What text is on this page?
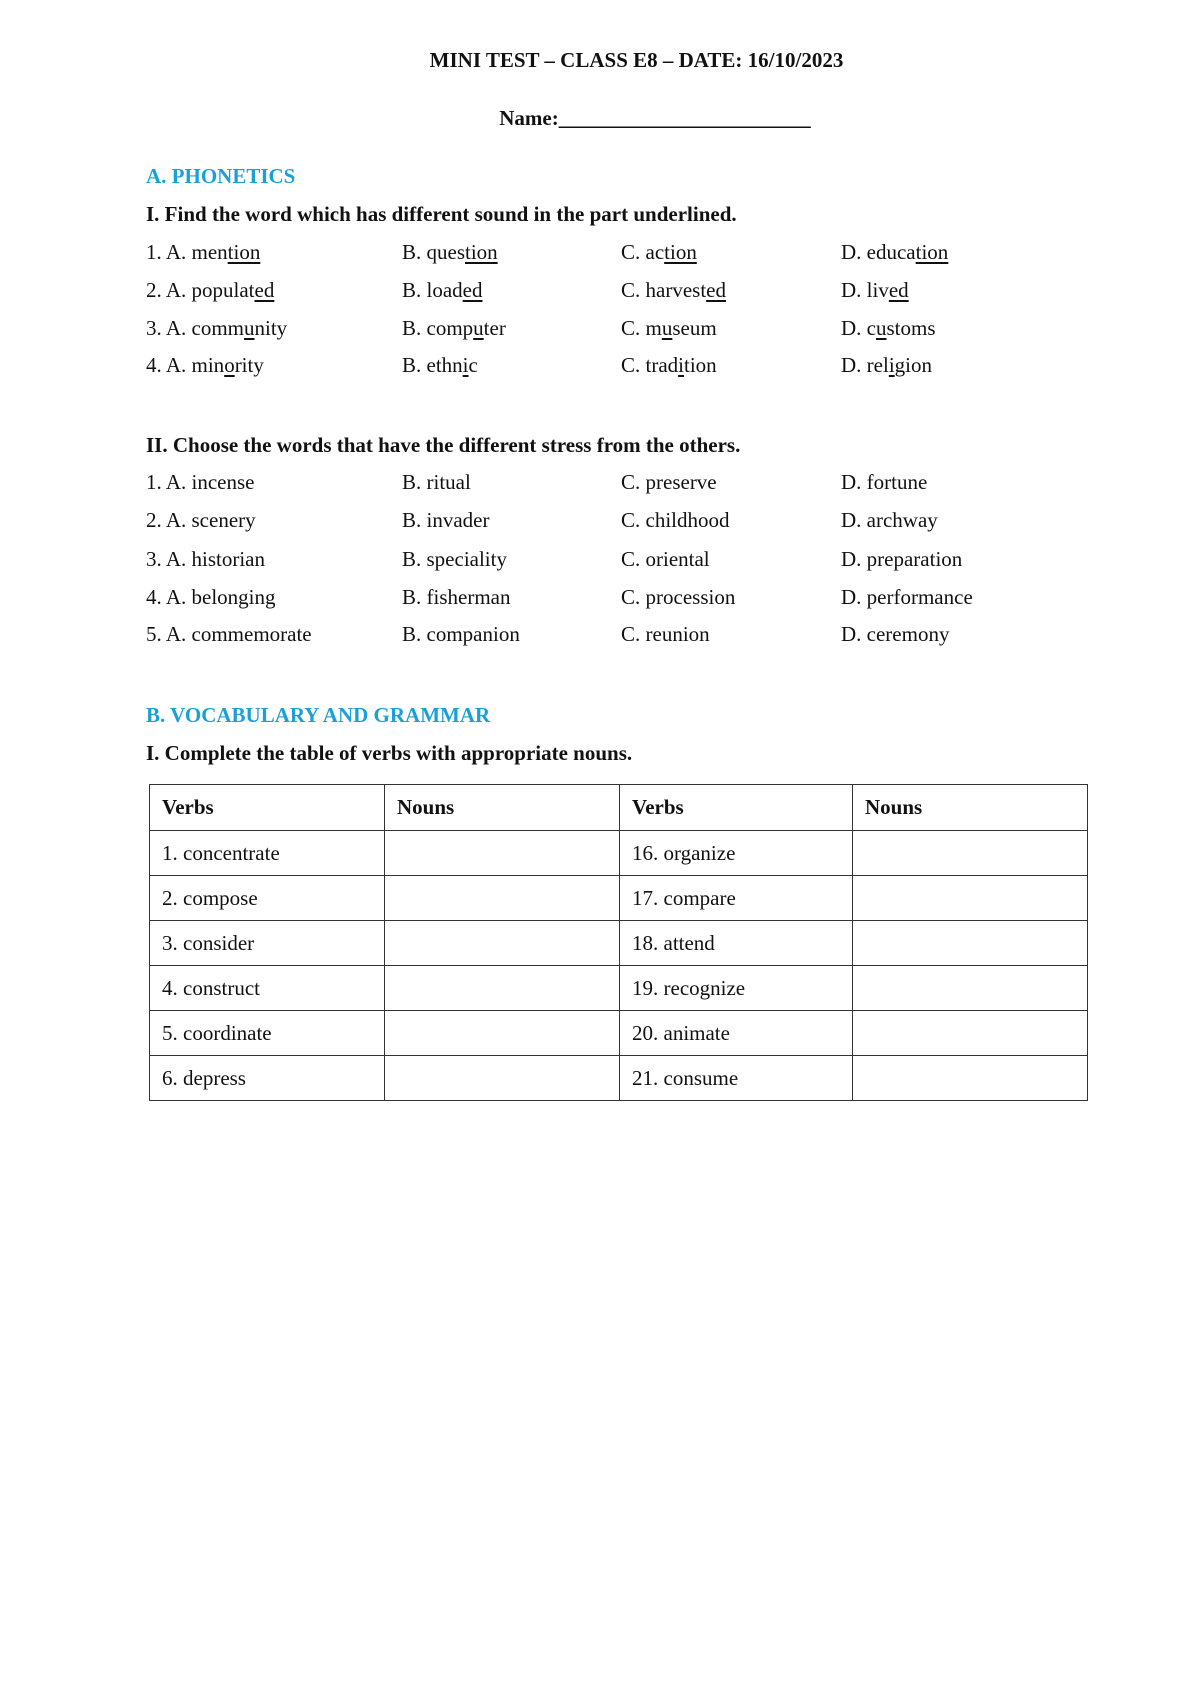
MINI TEST – CLASS E8 – DATE: 16/10/2023
Name:________________________
A. PHONETICS
I. Find the word which has different sound in the part underlined.
1. A. mention	B. question	C. action	D. education
2. A. populated	B. loaded	C. harvested	D. lived
3. A. community	B. computer	C. museum	D. customs
4. A. minority	B. ethnic	C. tradition	D. religion
II. Choose the words that have the different stress from the others.
1. A. incense	B. ritual	C. preserve	D. fortune
2. A. scenery	B. invader	C. childhood	D. archway
3. A. historian	B. speciality	C. oriental	D. preparation
4. A. belonging	B. fisherman	C. procession	D. performance
5. A. commemorate	B. companion	C. reunion	D. ceremony
B. VOCABULARY AND GRAMMAR
I. Complete the table of verbs with appropriate nouns.
Verbs	Nouns	Verbs	Nouns
1. concentrate		16. organize	
2. compose		17. compare	
3. consider		18. attend	
4. construct		19. recognize	
5. coordinate		20. animate	
6. depress		21. consume	
